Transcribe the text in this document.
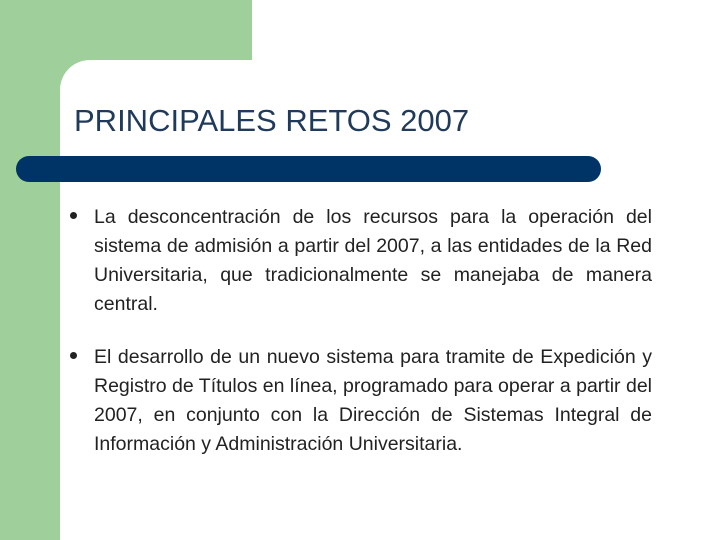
PRINCIPALES RETOS 2007
La desconcentración de los recursos para la operación del sistema de admisión a partir del 2007, a las entidades de la Red Universitaria, que tradicionalmente se manejaba de manera central.
El desarrollo de un nuevo sistema para tramite de Expedición y Registro de Títulos en línea, programado para operar a partir del 2007, en conjunto con la Dirección de Sistemas Integral de Información y Administración Universitaria.
